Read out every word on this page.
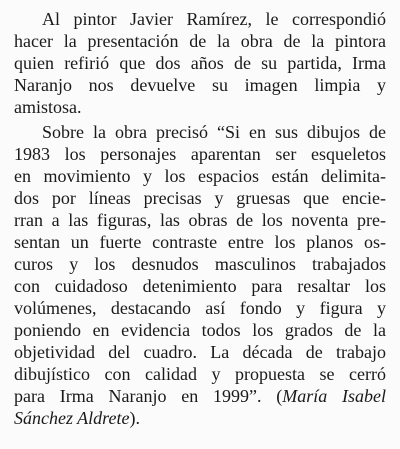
Al pintor Javier Ramírez, le correspondió
hacer la presentación de la obra de la pintora
quien refirió que dos años de su partida, Irma
Naranjo nos devuelve su imagen limpia y
amistosa.
Sobre la obra precisó “Si en sus dibujos de
1983 los personajes aparentan ser esqueletos
en movimiento y los espacios están delimita-
dos por líneas precisas y gruesas que encie-
rran a las figuras, las obras de los noventa pre-
sentan un fuerte contraste entre los planos os-
curos y los desnudos masculinos trabajados
con cuidadoso detenimiento para resaltar los
volúmenes, destacando así fondo y figura y
poniendo en evidencia todos los grados de la
objetividad del cuadro. La década de trabajo
dibujístico con calidad y propuesta se cerró
para Irma Naranjo en 1999”. (María Isabel
Sánchez Aldrete).
